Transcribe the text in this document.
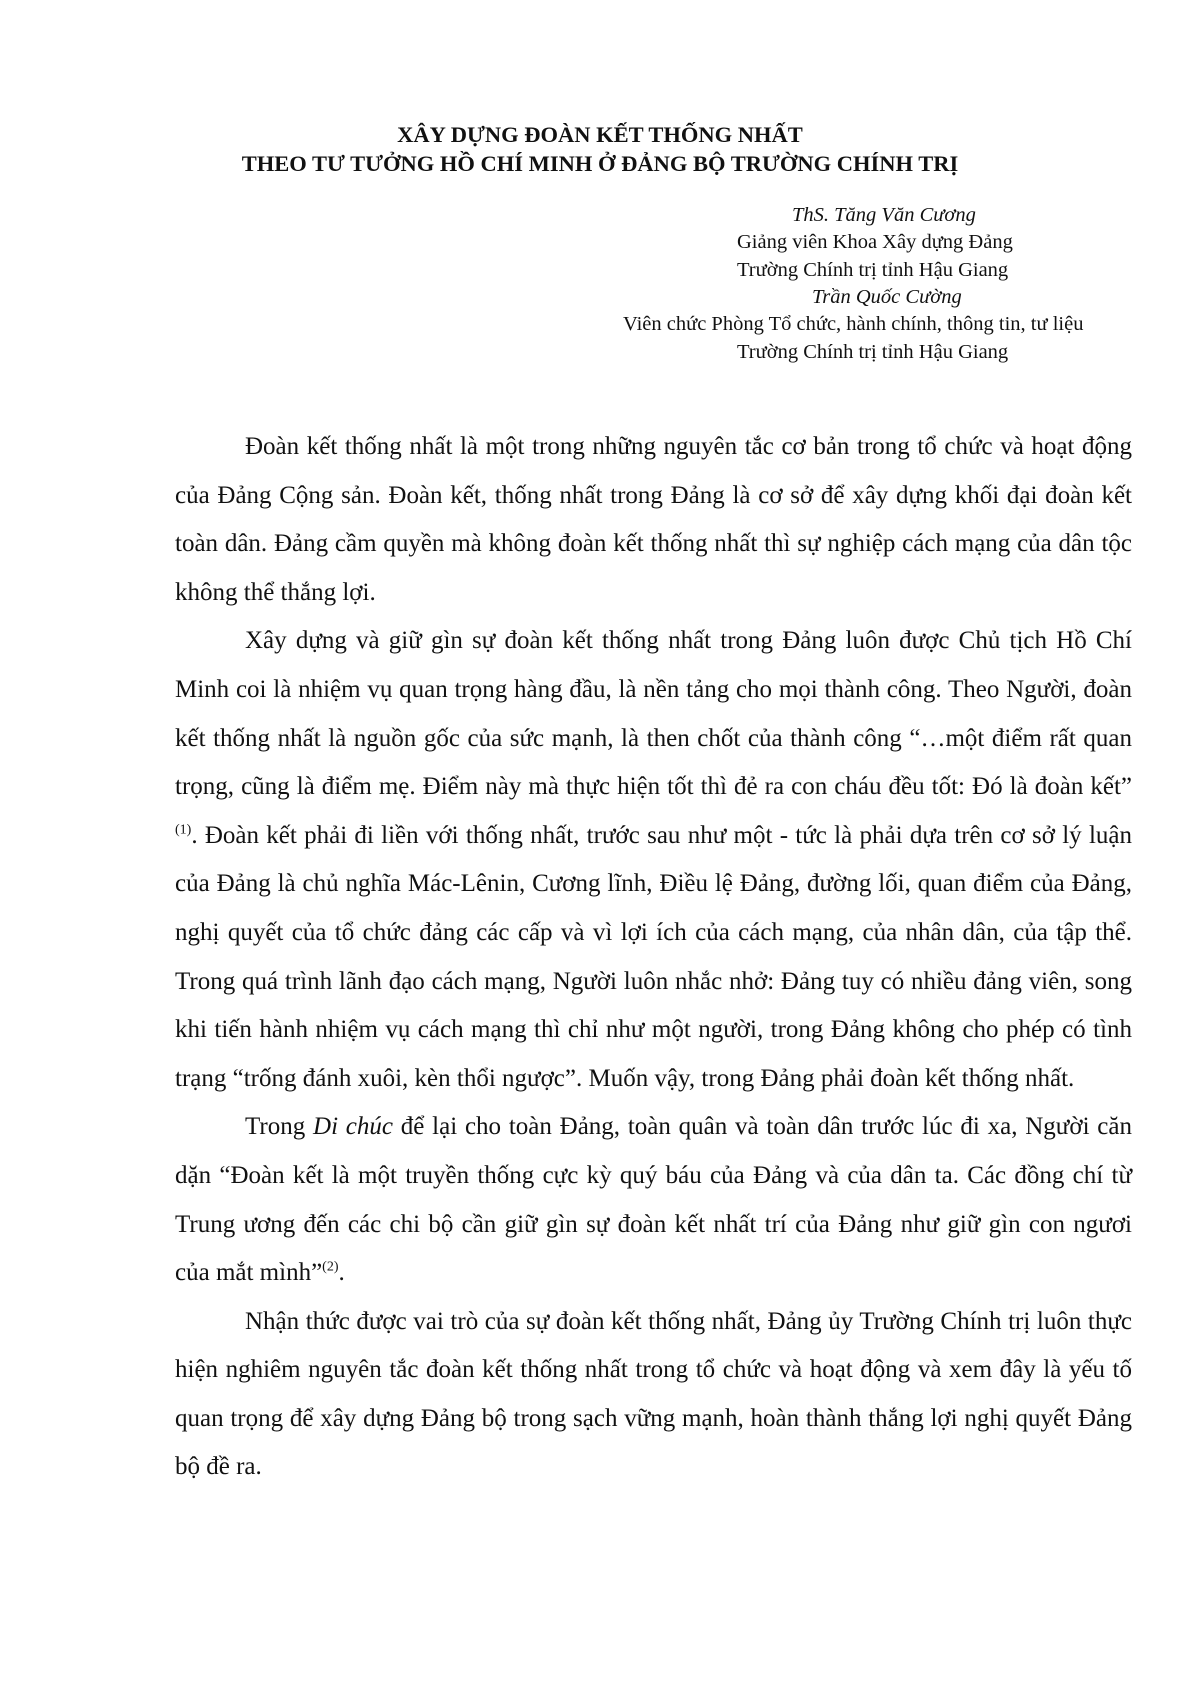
XÂY DỰNG ĐOÀN KẾT THỐNG NHẤT
THEO TƯ TƯỞNG HỒ CHÍ MINH Ở ĐẢNG BỘ TRƯỜNG CHÍNH TRỊ

ThS. Tăng Văn Cương

Giảng viên Khoa Xây dựng Đảng

Trường Chính trị tỉnh Hậu Giang

Trần Quốc Cường

Viên chức Phòng Tổ chức, hành chính, thông tin, tư liệu

Trường Chính trị tỉnh Hậu Giang

Đoàn kết thống nhất là một trong những nguyên tắc cơ bản trong tổ chức và hoạt động của Đảng Cộng sản. Đoàn kết, thống nhất trong Đảng là cơ sở để xây dựng khối đại đoàn kết toàn dân. Đảng cầm quyền mà không đoàn kết thống nhất thì sự nghiệp cách mạng của dân tộc không thể thắng lợi.

Xây dựng và giữ gìn sự đoàn kết thống nhất trong Đảng luôn được Chủ tịch Hồ Chí Minh coi là nhiệm vụ quan trọng hàng đầu, là nền tảng cho mọi thành công. Theo Người, đoàn kết thống nhất là nguồn gốc của sức mạnh, là then chốt của thành công “…một điểm rất quan trọng, cũng là điểm mẹ. Điểm này mà thực hiện tốt thì đẻ ra con cháu đều tốt: Đó là đoàn kết” $^{(1)}$. Đoàn kết phải đi liền với thống nhất, trước sau như một - tức là phải dựa trên cơ sở lý luận của Đảng là chủ nghĩa Mác-Lênin, Cương lĩnh, Điều lệ Đảng, đường lối, quan điểm của Đảng, nghị quyết của tổ chức đảng các cấp và vì lợi ích của cách mạng, của nhân dân, của tập thể. Trong quá trình lãnh đạo cách mạng, Người luôn nhắc nhở: Đảng tuy có nhiều đảng viên, song khi tiến hành nhiệm vụ cách mạng thì chỉ như một người, trong Đảng không cho phép có tình trạng “trống đánh xuôi, kèn thổi ngược”. Muốn vậy, trong Đảng phải đoàn kết thống nhất.

Trong Di chúc để lại cho toàn Đảng, toàn quân và toàn dân trước lúc đi xa, Người căn dặn “Đoàn kết là một truyền thống cực kỳ quý báu của Đảng và của dân ta. Các đồng chí từ Trung ương đến các chi bộ cần giữ gìn sự đoàn kết nhất trí của Đảng như giữ gìn con ngươi của mắt mình”$^{(2)}$.

Nhận thức được vai trò của sự đoàn kết thống nhất, Đảng ủy Trường Chính trị luôn thực hiện nghiêm nguyên tắc đoàn kết thống nhất trong tổ chức và hoạt động và xem đây là yếu tố quan trọng để xây dựng Đảng bộ trong sạch vững mạnh, hoàn thành thắng lợi nghị quyết Đảng bộ đề ra.
